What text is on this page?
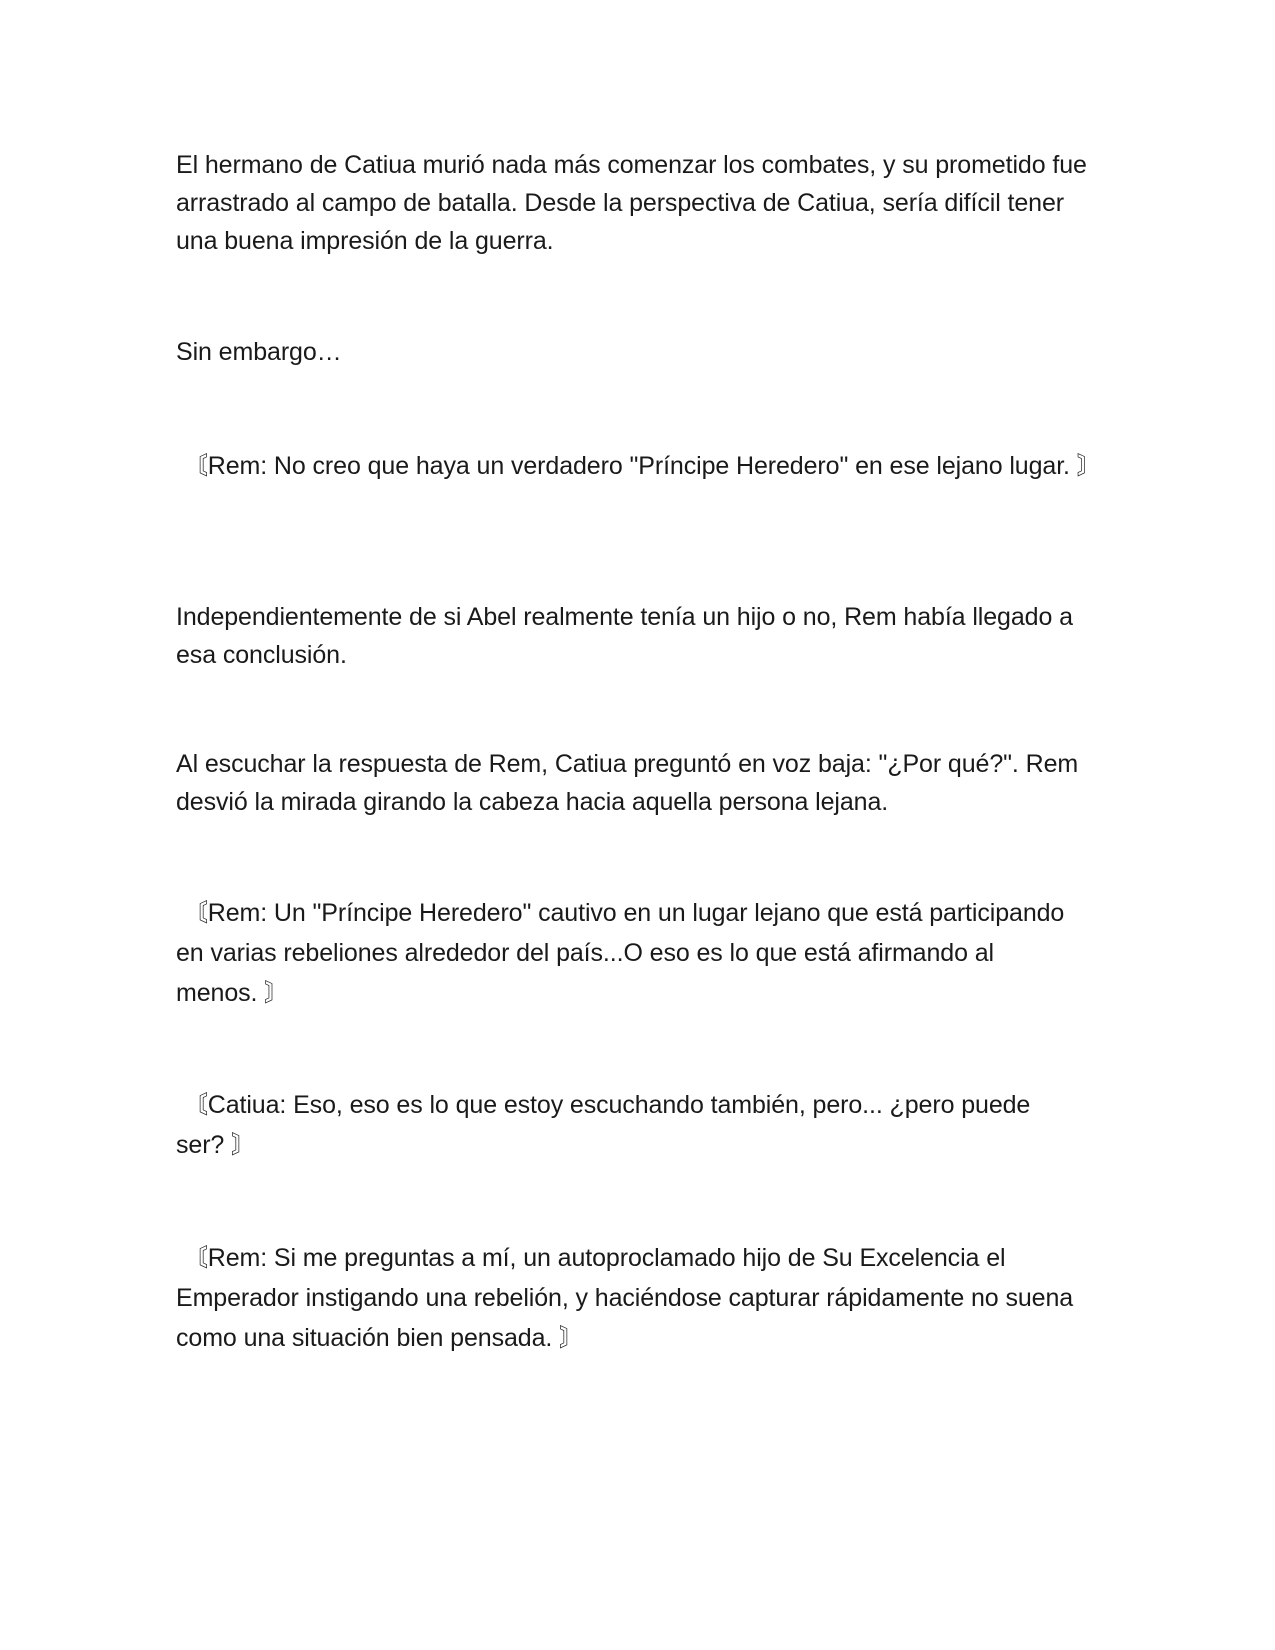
El hermano de Catiua murió nada más comenzar los combates, y su prometido fue arrastrado al campo de batalla. Desde la perspectiva de Catiua, sería difícil tener una buena impresión de la guerra.

Sin embargo…

〘Rem: No creo que haya un verdadero "Príncipe Heredero" en ese lejano lugar. 〙

Independientemente de si Abel realmente tenía un hijo o no, Rem había llegado a esa conclusión.

Al escuchar la respuesta de Rem, Catiua preguntó en voz baja: "¿Por qué?". Rem desvió la mirada girando la cabeza hacia aquella persona lejana.

〘Rem: Un "Príncipe Heredero" cautivo en un lugar lejano que está participando en varias rebeliones alrededor del país...O eso es lo que está afirmando al menos. 〙

〘Catiua: Eso, eso es lo que estoy escuchando también, pero... ¿pero puede ser? 〙

〘Rem: Si me preguntas a mí, un autoproclamado hijo de Su Excelencia el Emperador instigando una rebelión, y haciéndose capturar rápidamente no suena como una situación bien pensada. 〙
